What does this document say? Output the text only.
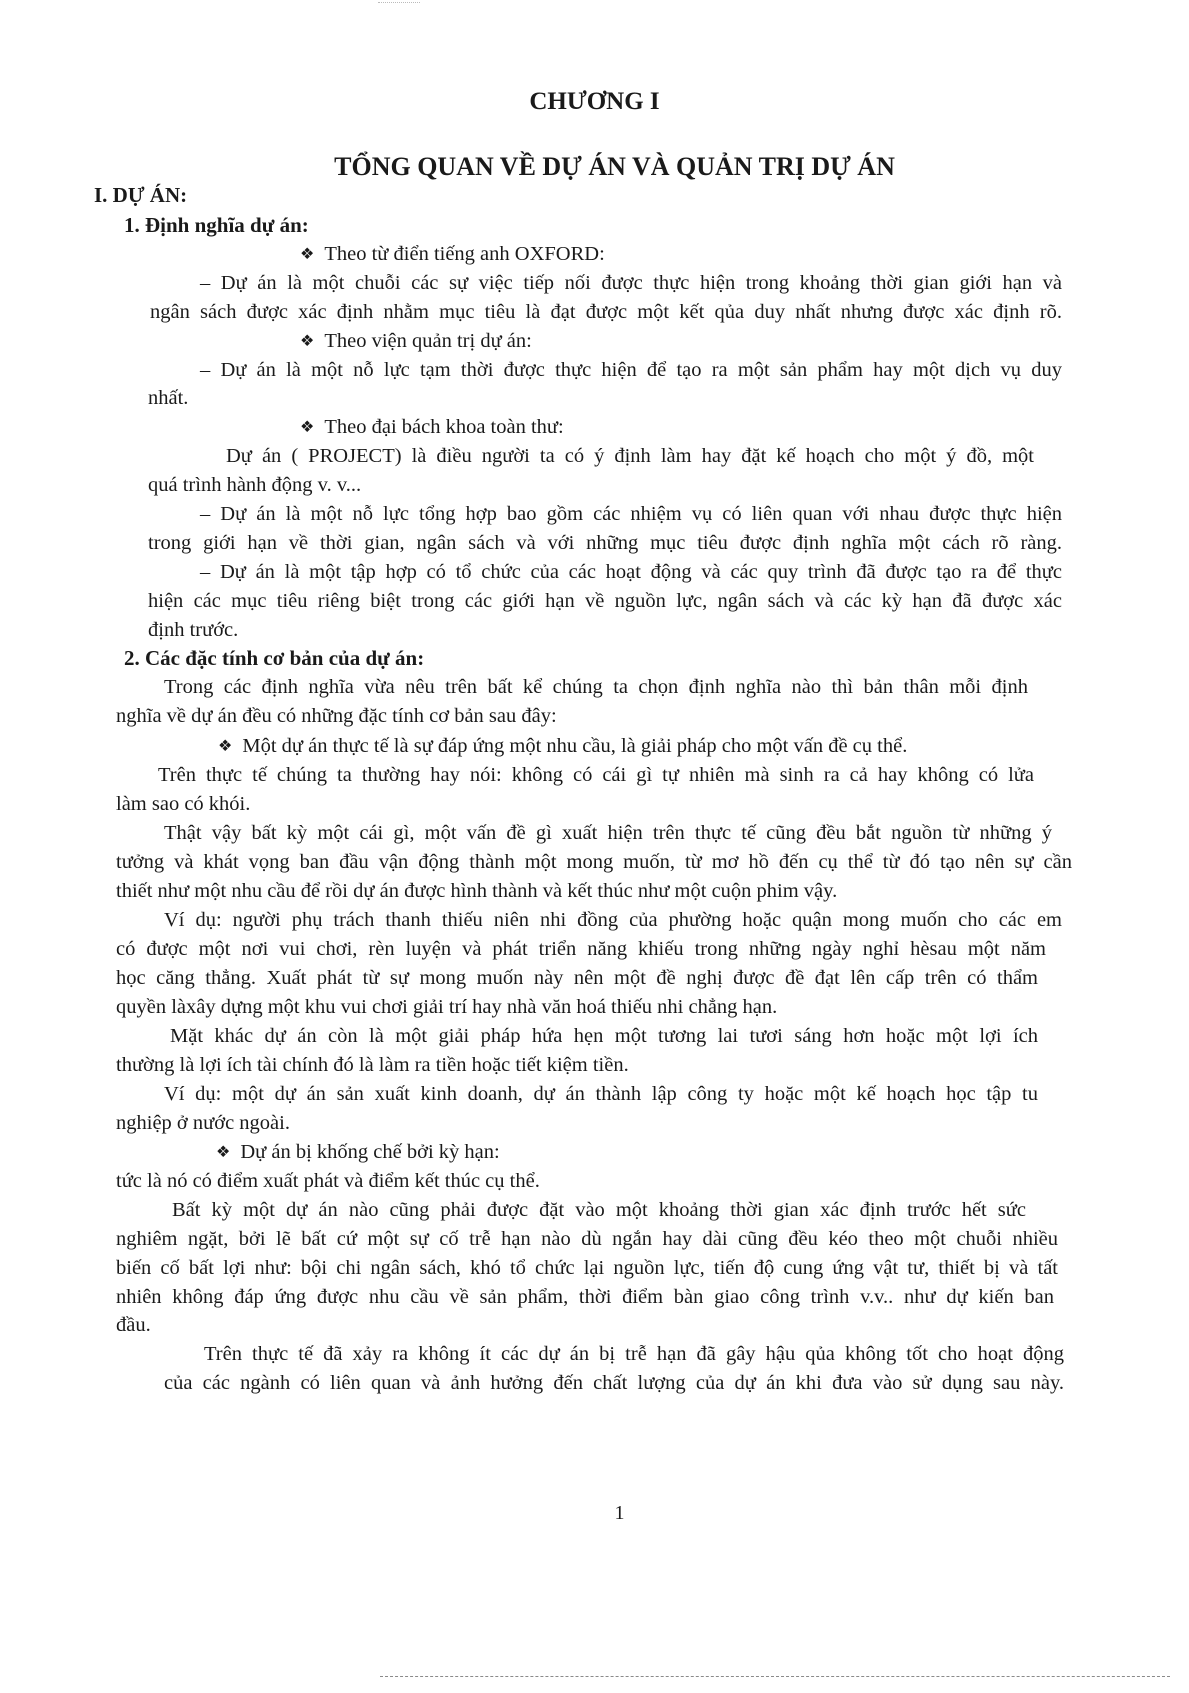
CHƯƠNG I
TỔNG QUAN VỀ DỰ ÁN VÀ QUẢN TRỊ DỰ ÁN
I. DỰ ÁN:
1. Định nghĩa dự án:
❖ Theo từ điển tiếng anh OXFORD:
– Dự án là một chuỗi các sự việc tiếp nối được thực hiện trong khoảng thời gian giới hạn và
ngân sách được xác định nhằm mục tiêu là đạt được một kết qủa duy nhất nhưng được xác định rõ.
❖ Theo viện quản trị dự án:
– Dự án là một nỗ lực tạm thời được thực hiện để tạo ra một sản phẩm hay một dịch vụ duy
nhất.
❖ Theo đại bách khoa toàn thư:
Dự án ( PROJECT) là điều người ta có ý định làm hay đặt kế hoạch cho một ý đồ, một
quá trình hành động v. v...
– Dự án là một nỗ lực tổng hợp bao gồm các nhiệm vụ có liên quan với nhau được thực hiện
trong giới hạn về thời gian, ngân sách và với những mục tiêu được định nghĩa một cách rõ ràng.
– Dự án là một tập hợp có tổ chức của các hoạt động và các quy trình đã được tạo ra để thực
hiện các mục tiêu riêng biệt trong các giới hạn về nguồn lực, ngân sách và các kỳ hạn đã được xác
định trước.
2. Các đặc tính cơ bản của dự án:
Trong các định nghĩa vừa nêu trên bất kể chúng ta chọn định nghĩa nào thì bản thân mỗi định
nghĩa về dự án đều có những đặc tính cơ bản sau đây:
❖ Một dự án thực tế là sự đáp ứng một nhu cầu, là giải pháp cho một vấn đề cụ thể.
Trên thực tế chúng ta thường hay nói: không có cái gì tự nhiên mà sinh ra cả hay không có lửa
làm sao có khói.
Thật vậy bất kỳ một cái gì, một vấn đề gì xuất hiện trên thực tế cũng đều bắt nguồn từ những ý
tưởng và khát vọng ban đầu vận động thành một mong muốn, từ mơ hồ đến cụ thể từ đó tạo nên sự cần
thiết như một nhu cầu để rồi dự án được hình thành và kết thúc như một cuộn phim vậy.
Ví dụ: người phụ trách thanh thiếu niên nhi đồng của phường hoặc quận mong muốn cho các em
có được một nơi vui chơi, rèn luyện và phát triển năng khiếu trong những ngày nghỉ hèsau một năm
học căng thẳng. Xuất phát từ sự mong muốn này nên một đề nghị được đề đạt lên cấp trên có thẩm
quyền làxây dựng một khu vui chơi giải trí hay nhà văn hoá thiếu nhi chẳng hạn.
Mặt khác dự án còn là một giải pháp hứa hẹn một tương lai tươi sáng hơn hoặc một lợi ích
thường là lợi ích tài chính đó là làm ra tiền hoặc tiết kiệm tiền.
Ví dụ: một dự án sản xuất kinh doanh, dự án thành lập công ty hoặc một kế hoạch học tập tu
nghiệp ở nước ngoài.
❖ Dự án bị khống chế bởi kỳ hạn:
tức là nó có điểm xuất phát và điểm kết thúc cụ thể.
Bất kỳ một dự án nào cũng phải được đặt vào một khoảng thời gian xác định trước hết sức
nghiêm ngặt, bởi lẽ bất cứ một sự cố trễ hạn nào dù ngắn hay dài cũng đều kéo theo một chuỗi nhiều
biến cố bất lợi như: bội chi ngân sách, khó tổ chức lại nguồn lực, tiến độ cung ứng vật tư, thiết bị và tất
nhiên không đáp ứng được nhu cầu về sản phẩm, thời điểm bàn giao công trình v.v.. như dự kiến ban
đầu.
Trên thực tế đã xảy ra không ít các dự án bị trễ hạn đã gây hậu qủa không tốt cho hoạt động
của các ngành có liên quan và ảnh hưởng đến chất lượng của dự án khi đưa vào sử dụng sau này.
1
